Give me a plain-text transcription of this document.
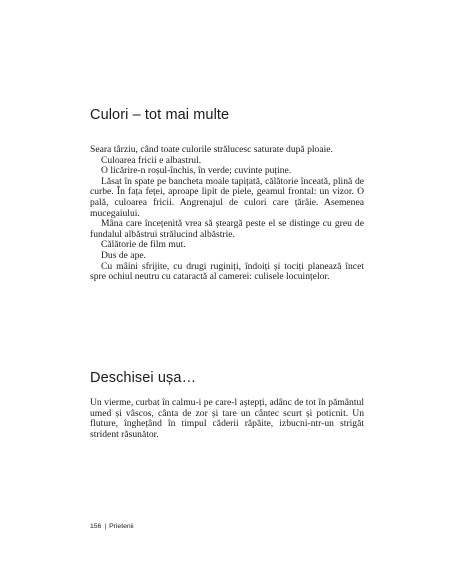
Culori – tot mai multe

Seara târziu, când toate culorile strălucesc saturate după ploaie.

Culoarea fricii e albastrul.

O licărire-n roșul-închis, în verde; cuvinte puține.

Lăsat în spate pe bancheta moale tapițată, călătorie înceată, plină de curbe. În fața feței, aproape lipit de piele, geamul frontal: un vizor. O pală, culoarea fricii. Angrenajul de culori care țărâie. Asemenea mucegaiului.

Mâna care încețenită vrea să șteargă peste el se distinge cu greu de fundalul albăstrui strălucind albăstrie.

Călătorie de film mut.

Dus de ape.

Cu mâini sfrijite, cu drugi ruginiți, îndoiți și tociți planează încet spre ochiul neutru cu cataractă al camerei: culisele locuințelor.

Deschisei ușa…

Un vierme, curbat în calmu-i pe care-l aștepți, adânc de tot în pământul umed și vâscos, cânta de zor și tare un cântec scurt și poticnit. Un fluture, înghețând în timpul căderii răpăite, izbucni-ntr-un strigăt strident răsunător.

156 | Prietenii
